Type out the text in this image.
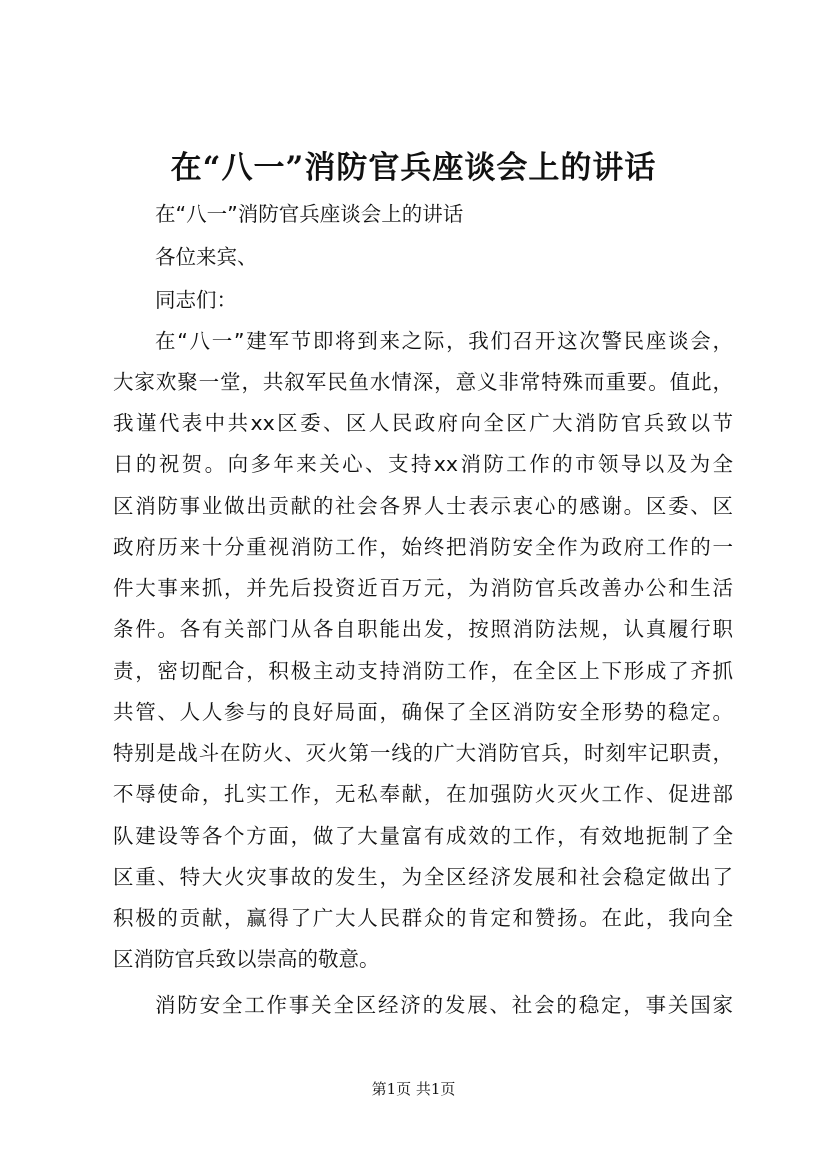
在“八一”消防官兵座谈会上的讲话

在“八一”消防官兵座谈会上的讲话

各位来宾、

同志们：

在“八一”建军节即将到来之际，我们召开这次警民座谈会，

大家欢聚一堂，共叙军民鱼水情深，意义非常特殊而重要。值此，

我谨代表中共xx区委、区人民政府向全区广大消防官兵致以节

日的祝贺。向多年来关心、支持xx消防工作的市领导以及为全

区消防事业做出贡献的社会各界人士表示衷心的感谢。区委、区

政府历来十分重视消防工作，始终把消防安全作为政府工作的一

件大事来抓，并先后投资近百万元，为消防官兵改善办公和生活

条件。各有关部门从各自职能出发，按照消防法规，认真履行职

责，密切配合，积极主动支持消防工作，在全区上下形成了齐抓

共管、人人参与的良好局面，确保了全区消防安全形势的稳定。

特别是战斗在防火、灭火第一线的广大消防官兵，时刻牢记职责，

不辱使命，扎实工作，无私奉献，在加强防火灭火工作、促进部

队建设等各个方面，做了大量富有成效的工作，有效地扼制了全

区重、特大火灾事故的发生，为全区经济发展和社会稳定做出了

积极的贡献，赢得了广大人民群众的肯定和赞扬。在此，我向全

区消防官兵致以崇高的敬意。

消防安全工作事关全区经济的发展、社会的稳定，事关国家

第1页 共1页
